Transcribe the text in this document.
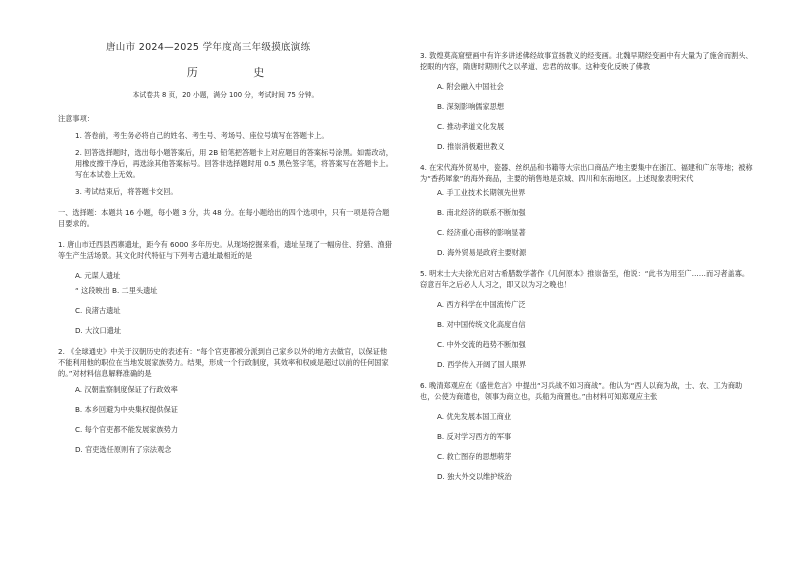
唐山市 2024—2025 学年度高三年级摸底演练
历 史
本试卷共 8 页，20 小题，满分 100 分，考试时间 75 分钟。
注意事项：
1. 答卷前，考生务必将自己的姓名、考生号、考场号、座位号填写在答题卡上。
2. 回答选择题时，选出每小题答案后，用 2B 铅笔把答题卡上对应题目的答案标号涂黑。如需改动，用橡皮擦干净后，再选涂其他答案标号。回答非选择题时用 0.5 黑色签字笔，将答案写在答题卡上。写在本试卷上无效。
3. 考试结束后，将答题卡交回。
一、选择题：本题共 16 小题，每小题 3 分，共 48 分。在每小题给出的四个选项中，只有一项是符合题目要求的。
1. 唐山市迁西县西寨遗址，距今有 6000 多年历史。从现场挖掘来看，遗址呈现了一幅房住、狩猎、渔猎等生产生活场景。其文化时代特征与下列考古遗址最相近的是
A. 元谋人遗址
“ 这段映出 B. 二里头遗址
C. 良渚古遗址
D. 大汶口遗址
2. 《全球通史》中关于汉朝历史的表述有：“每个官吏都被分派到自己家乡以外的地方去做官，以保证他不能利用他的职位在当地发展家族势力。结果，形成一个行政制度，其效率和权威是超过以前的任何国家的。”对材料信息解释准确的是
A. 汉朝监察制度保证了行政效率
B. 本乡回避为中央集权提供保证
C. 每个官吏都不能发展家族势力
D. 官吏选任原则有了宗法观念
3. 敦煌莫高窟壁画中有许多讲述佛经故事宣扬教义的经变画。北魏早期经变画中有大量为了施舍而割头、挖眼的内容，隋唐时期则代之以孝道、忠君的故事。这种变化反映了佛教
A. 附会融入中国社会
B. 深刻影响儒家思想
C. 推动孝道文化发展
D. 推崇消极避世教义
4. 在宋代海外贸易中，瓷器、丝织品和书籍等大宗出口商品产地主要集中在浙江、福建和广东等地；被称为“香药犀象”的海外商品，主要的销售地是京城、四川和东南地区。上述现象表明宋代
A. 手工业技术长期领先世界
B. 南北经济的联系不断加强
C. 经济重心南移的影响显著
D. 海外贸易是政府主要财源
5. 明末士大夫徐光启对古希腊数学著作《几何原本》推崇备至，他说：“此书为用至广……而习者盖寡。窃意百年之后必人人习之，即又以为习之晚也！
A. 西方科学在中国流传广泛
B. 对中国传统文化高度自信
C. 中外交流的趋势不断加强
D. 西学传入开阔了国人眼界
6. 晚清郑观应在《盛世危言》中提出“习兵战不如习商战”。他认为“西人以商为战，士、农、工为商助也，公使为商遣也，领事为商立也，兵船为商置也。”由材料可知郑观应主张
A. 优先发展本国工商业
B. 反对学习西方的军事
C. 救亡图存的思想萌芽
D. 独大外交以维护统治
